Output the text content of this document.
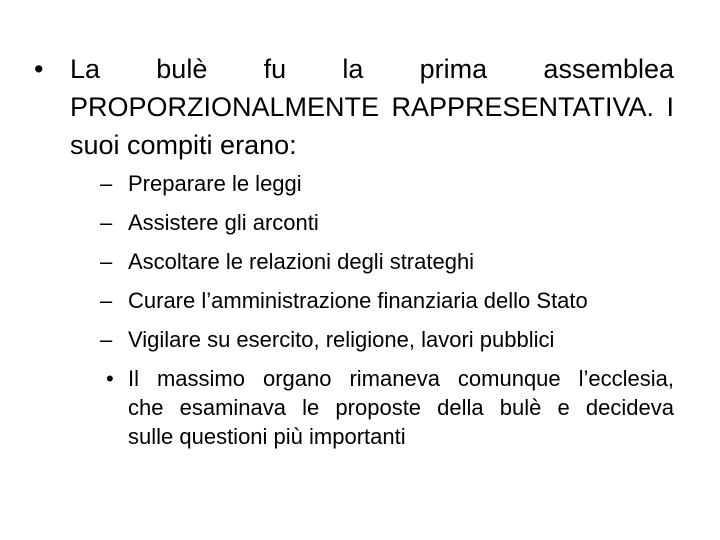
• La bulè fu la prima assemblea
PROPORZIONALMENTE RAPPRESENTATIVA. I
suoi compiti erano:
– Preparare le leggi
– Assistere gli arconti
– Ascoltare le relazioni degli strateghi
– Curare l’amministrazione finanziaria dello Stato
– Vigilare su esercito, religione, lavori pubblici
• Il massimo organo rimaneva comunque l’ecclesia,
che esaminava le proposte della bulè e decideva
sulle questioni più importanti
